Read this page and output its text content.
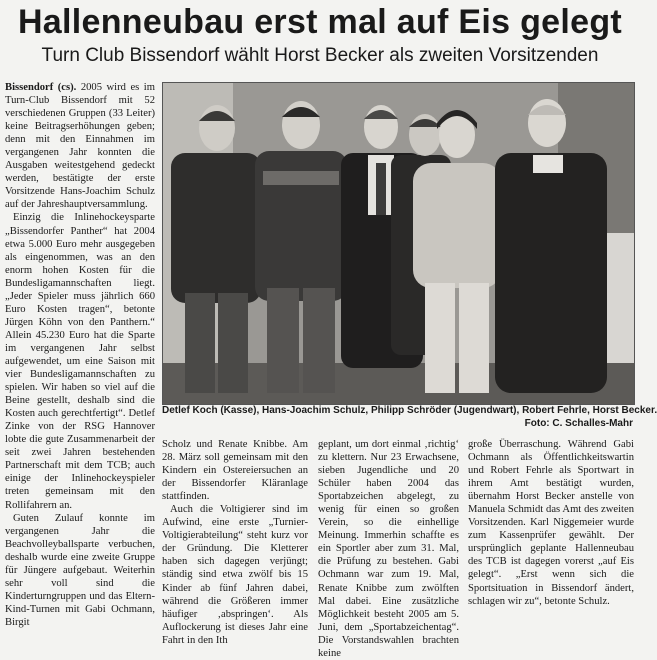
Hallenneubau erst mal auf Eis gelegt
Turn Club Bissendorf wählt Horst Becker als zweiten Vorsitzenden

Bissendorf (cs). 2005 wird es im Turn-Club Bissendorf mit 52 verschiedenen Gruppen (33 Leiter) keine Beitragserhöhungen geben; denn mit den Einnahmen im vergangenen Jahr konnten die Ausgaben weitestgehend gedeckt werden, bestätigte der erste Vorsitzende Hans-Joachim Schulz auf der Jahreshauptversammlung.

Einzig die Inlinehockeysparte „Bissendorfer Panther“ hat 2004 etwa 5.000 Euro mehr ausgegeben als eingenommen, was an den enorm hohen Kosten für die Bundesligamannschaften liegt. „Jeder Spieler muss jährlich 660 Euro Kosten tragen“, betonte Jürgen Köhn von den Panthern.“ Allein 45.230 Euro hat die Sparte im vergangenen Jahr selbst aufgewendet, um eine Saison mit vier Bundesligamannschaften zu spielen. Wir haben so viel auf die Beine gestellt, deshalb sind die Kosten auch gerechtfertigt“. Detlef Zinke von der RSG Hannover lobte die gute Zusammenarbeit der seit zwei Jahren bestehenden Partnerschaft mit dem TCB; auch einige der Inlinehockeyspieler treten gemeinsam mit den Rollifahrern an.

Guten Zulauf konnte im vergangenen Jahr die Beachvolleyballsparte verbuchen, deshalb wurde eine zweite Gruppe für Jüngere aufgebaut. Weiterhin sehr voll sind die Kinderturngruppen und das Eltern-Kind-Turnen mit Gabi Ochmann, Birgit

Detlef Koch (Kasse), Hans-Joachim Schulz, Philipp Schröder (Jugendwart), Robert Fehrle, Horst Becker.
Foto: C. Schalles-Mahr

Scholz und Renate Knibbe. Am 28. März soll gemeinsam mit den Kindern ein Ostereiersuchen an der Bissendorfer Kläranlage stattfinden.

Auch die Voltigierer sind im Aufwind, eine erste „Turnier-Voltigierabteilung“ steht kurz vor der Gründung. Die Kletterer haben sich dagegen verjüngt; ständig sind etwa zwölf bis 15 Kinder ab fünf Jahren dabei, während die Größeren immer häufiger ‚abspringen‘. Als Auflockerung ist dieses Jahr eine Fahrt in den Ith

geplant, um dort einmal ‚richtig‘ zu klettern. Nur 23 Erwachsene, sieben Jugendliche und 20 Schüler haben 2004 das Sportabzeichen abgelegt, zu wenig für einen so großen Verein, so die einhellige Meinung. Immerhin schaffte es ein Sportler aber zum 31. Mal, die Prüfung zu bestehen. Gabi Ochmann war zum 19. Mal, Renate Knibbe zum zwölften Mal dabei. Eine zusätzliche Möglichkeit besteht 2005 am 5. Juni, dem „Sportabzeichentag“. Die Vorstandswahlen brachten keine

große Überraschung. Während Gabi Ochmann als Öffentlichkeitswartin und Robert Fehrle als Sportwart in ihrem Amt bestätigt wurden, übernahm Horst Becker anstelle von Manuela Schmidt das Amt des zweiten Vorsitzenden. Karl Niggemeier wurde zum Kassenprüfer gewählt. Der ursprünglich geplante Hallenneubau des TCB ist dagegen vorerst „auf Eis gelegt“. „Erst wenn sich die Sportsituation in Bissendorf ändert, schlagen wir zu“, betonte Schulz.
